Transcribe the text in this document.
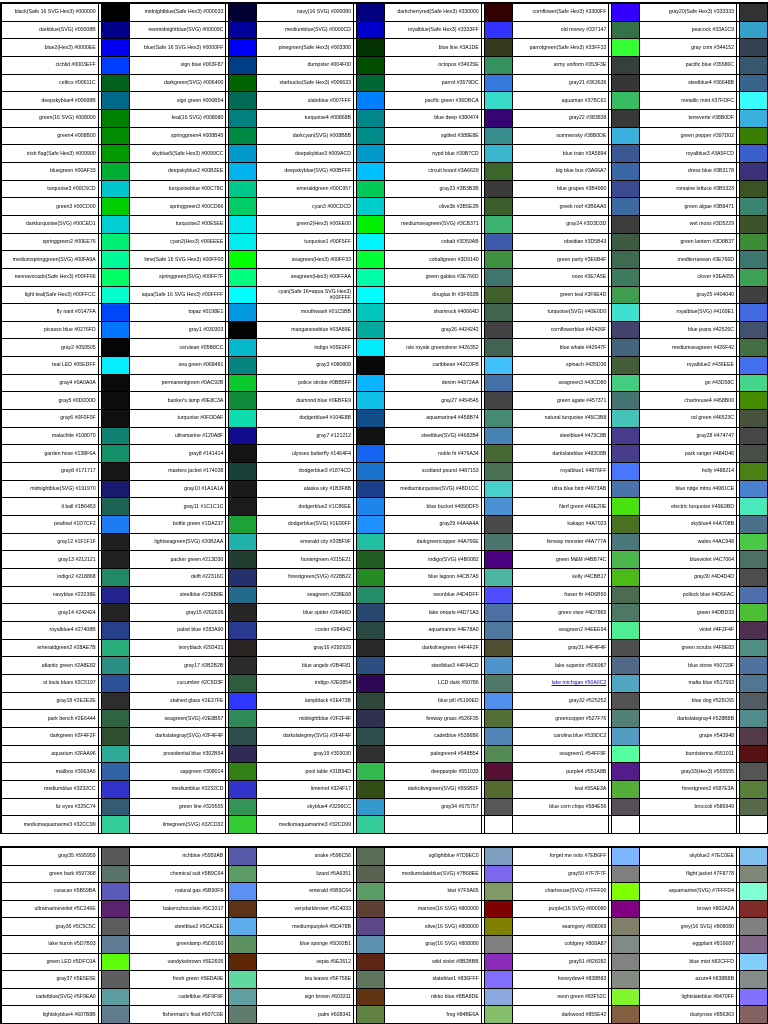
black(Safe 16 SVG Hex3) #000000
darkblue(SVG) #00008B
blue2(Hex3) #0000EE
cichlid #0003EFF
celtics #00611C
deepskyblue4 #00688B
green(16 SVG) #008000
green4 #008B00
irish flag(Safe Hex3) #009900
bluegreen #00AF33
turquoise3 #00C5CD
green3 #00CD00
darkturquoise(SVG) #00CED1
springgreen2 #00EE76
mediumspringgreen(SVG) #00FA9A
neonavocado(Safe Hex3) #00FF66
light teal(Safe Hex3) #00FFCC
fly nant #0147FA
picasso blue #0276FD
gray2 #050505
teal LED #05EDFF
gray4 #0A0A0A
gray5 #0D0D0D
gray6 #0F0F0F
malachite #108070
garden hose #138F6A
gray8 #171717
midnightblue(SVG) #191970
tl ball #1B6453
peafowl #1D7CF2
gray12 #1F1F1F
gray13 #212121
indigo2 #218868
navyblue #23238E
gray14 #242424
royalblue4 #27408B
emeraldgreen2 #28AE7B
atlantic green #2A8E82
st louis blues #2C5197
gray18 #2E2E2E
park bench #2E6444
darkgreen #2F4F2F
aquarium #2FAA96
mailbox #3063A5
mediumblue #3232CC
liz eyes #325C74
mediumaquamarine3 #32CC99
midnightblue(Safe Hex3) #000033
neemidnightblue(SVG) #00009C
blue(Safe 16 SVG Hex3) #0000FF
sign blue #003F87
darkgreen(SVG) #006400
sign green #006B54
teal(16 SVG) #008080
springgreen4 #008B45
skyblue5(Safe Hex3) #0099CC
deepskyblue2 #00B2EE
turquoiseblue #00C78C
springgreen3 #00CD66
turquoise2 #00E5EE
cyan2(Hex3) #00EEEE
lime(Safe 16 SVG Hex3) #00FF00
springgreen(SVG) #00FF7F
aqua(Safe 16 SVG Hex3) #00FFFF
topaz #0198E1
gray1 #030303
cerulean #05B8CC
sea green #068481
permanentgreen #0AC92B
banker's lamp #0E8C3A
turquoise #0FDDAF
ultramarine #120A8F
gray8 #141414
masters jacket #174038
gray10 #1A1A1A
gray11 #1C1C1C
bottle green #1DA237
lightseagreen(SVG) #20B2AA
packer green #213D30
delft #22316C
steelblue #236B8E
gray15 #262626
pabst blue #283A90
ivoryblack #292421
gray17 #2B2B2B
cucumber #2C5D3F
stained glass #2E37FE
seagreen(SVG) #2E8B57
darkslategray(SVG) #2F4F4F
presidential blue #302B54
sapgreen #308014
mediumblue #3232CD
green line #329555
limegreen(SVG) #32CD32
navy(16 SVG) #000080
mediumblue(SVG) #0000CD
pinegreen(Safe Hex3) #003300
dumpster #004F00
starbucks(Safe Hex3) #006633
slateblue #007FFF
turquoise4 #00868B
darkcyan(SVG) #008B8B
deepskyblue3 #009ACD
deepskyblue(SVG) #00BFFF
emeraldgreen #00C957
cyan3 #00CDCD
green2(Hex3) #00EE00
turquoise1 #00F5FF
seagreen(Hex3) #00FF33
seagreen(Hex3) #00FFAA
cyan(Safe 16=aqua SVG Hex3) #00FFFF
mouthwash #01C5BB
manganeseblue #03A89E
indigo #05E9FF
gray3 #080808
police strobe #0BB5FF
diamond blue #0EBFE9
dodgerblue4 #104E8B
gray7 #121212
ulysses butterfly #1464F4
dodgerblue3 #1874CD
alaska sky #1B3F8B
dodgerblue2 #1C86EE
dodgerblue(SVG) #1E90FF
emerald city #20BF9F
huntergreen #215E21
forestgreen(SVG) #228B22
seagreen #238E68
blue spider #26466D
cooler #284942
gray16 #292929
blue angels #2B4F81
indigo #2E0854
lampblack #2E473B
midnightblue #2F2F4F
darkslategrey(SVG) #2F4F4F
gray19 #303030
pool table #31B94D
limerind #324F17
skyblue4 #3299CC
mediumaquamarine3 #32CD99
darkcherryred(Safe Hex3) #330000
royalblue(Safe Hex3) #3333FF
blue line #3A1DE
octopus #34925E
parrot #3579DC
pacific green #36DBCA
blue deep #380474
sgilted #388E8E
nypd blue #39B7CD
circuit board #3A6629
gray23 #3B3B3B
olive3b #3B5E2B
mediumseagreen(SVG) #3CB371
cobalt #3D59AB
cobaltgreen #3D9140
green gables #3E766D
douglas fir #3F602B
shamrock #40664D
gray26 #424242
isle royale greenstone #426352
caribbean #42C0FB
denim #4372AA
gray27 #454545
aquamarine4 #458B74
steelblue(SVG) #4682B4
noble fir #476A34
scotland pound #487153
mediumturquoise(SVG) #48D1CC
blue bucket #4990DF5
gray29 #4A4A4A
darkgreencopper #4A766E
indigo(SVG) #4B0082
blue lagoon #4CB7A5
neonblue #4D4DFF
lake ontario #4D71A3
aquamarine #4E78A0
darkolivegreen #4F4F2F
steelblue3 #4F94CD
LCD dark #50786
blue pill #5190ED
fenway grass #526F35
cadetblue #5386B6
palegreen4 #548B54
deeppurple #551033
darkolivegreen(SVG) #556B2F
gray34 #575757
cornflower(Safe Hex3) #3300FF
old money #337147
parrotgreen(Safe Hex3) #33FF33
army uniform #353F3E
gray21 #363636
aquaman #37BC61
gray22 #383838
summersky #38B0DE
blue train #3A5894
big blue bus #3A66A7
blue grapes #3B4990
greek roof #3B6AA0
gray24 #3D3D3D
obsidian #3D5B43
green party #3E6B4F
ooze #3E7A5E
green teal #3F9E4D
turquoise(SVG) #40E0D0
cornflowerblue #42426F
blue whale #42647F
spinach #435D36
seagreen3 #43CD80
green agate #457371
natural turquoise #45C3B8
steelblue4 #473C8B
darkslateblue #483D8B
royalblue1 #4876FF
ultra blue bird #4973AB
Nerf green #49E20E
kakapo #4A7023
fenway monster #4A777A
green M&M #4BB74C
kelly #4CBB17
fraser fir #4D6B50
green visor #4D7865
seagreen2 #4EEE94
gray31 #4F4F4F
lake superior #506987
lake michigan #50A6C2
gray32 #525252
greencopper #527F76
carolina blue #539DC2
seagreen1 #54FF9F
purple4 #551A8B
teal #55AE3A
blue corn chips #584E56
gray20(Safe Hex3) #333333
peacock #33A1C9
gray com #344152
pacific blue #35586C
steelblue4 #36648B
metallic mint #37FDFC
terreverte #38B0DF
green pepper #397D02
royalblue3 #3A5FCD
dress blue #3B3178
romaine lettuce #3B5323
green algae #3B8471
wet moss #3D5229
green lantern #3D8B37
mediterranean #3E766D
clover #3EA055
gray25 #404040
royalblue(SVG) #4169E1
blue jeans #42526C
mediumseagreen #426F42
royalblue2 #436EEE
go #43D58C
chartreuse4 #458B00
od green #46523C
gray28 #474747
park ranger #484D46
holly #488214
blue ridge mtns #4981CE
electric turquoise #49E9BD
skyblue4 #4A708B
wales #4AC948
blueviolet #4C7064
gray30 #4D4D4D
pollock blue #4D6FAC
green #4DBD33
violet #4F2F4F
green scrubs #4F8E83
blue stone #50729F
malta blue #517693
blue dog #525C65
darkslategray4 #528B8B
grape #543948
burntsienna #551011
gray33(Hex3) #555555
forestgreen2 #587E3A
broccoli #586949
gray35 #595959
green bark #597368
curacao #5B59BA
ultramarineviolet #5C246E
gray36 #5C5C5C
lake huron #5D7B93
green LED #5DFC0A
gray37 #5E5E5E
cadetblue(SVG) #5F9EA0
lightskyblue4 #607B8B
richblue #5959AB
chemical suit #5B9C64
natural gas #5B90F6
bakerschocolate #5C3317
steelblue2 #5CACEE
greenlamp #5D9160
vandykebrown #5E2605
fresh green #5EDA9E
cadetblue #5F9F9F
fisherman's float #607C6E
snake #596C56
lizard #5A6351
emerald #5B9C64
verydarkbrown #5C4033
mediumpurple4 #5D478B
blue sponge #5D92B1
sepia #5E2612
tea leaves #5F755E
sign brown #603311
palm #608341
sgilightblue #7D9EC0
mediumslateblue(SVG) #7B68EE
kiwi #7F9A65
maroon(16 SVG) #800000
olive(16 SVG) #808000
gray(16 SVG) #808080
wild violet #8B2BBB
slateblue1 #836FFF
nikko blue #8BA8DE
frog #84BE6A
forget me nots #7EB6FF
gray50 #7F7F7F
chartreuse(SVG) #7FFF00
purple(16 SVG) #800080
seamgrey #808069
coldgrey #808A87
gray51 #828282
honeydew4 #838B83
neon green #83F52C
darkwood #855E42
skyblue2 #7EC0EE
flight jacket #7F8778
aquamarine(SVG) #7FFFD4
brown #802A2A
grey(16 SVG) #808080
eggplant #816687
blue mist #82CFFD
azure4 #838B8B
lightslateblue #8470FF
dustyrose #856363
